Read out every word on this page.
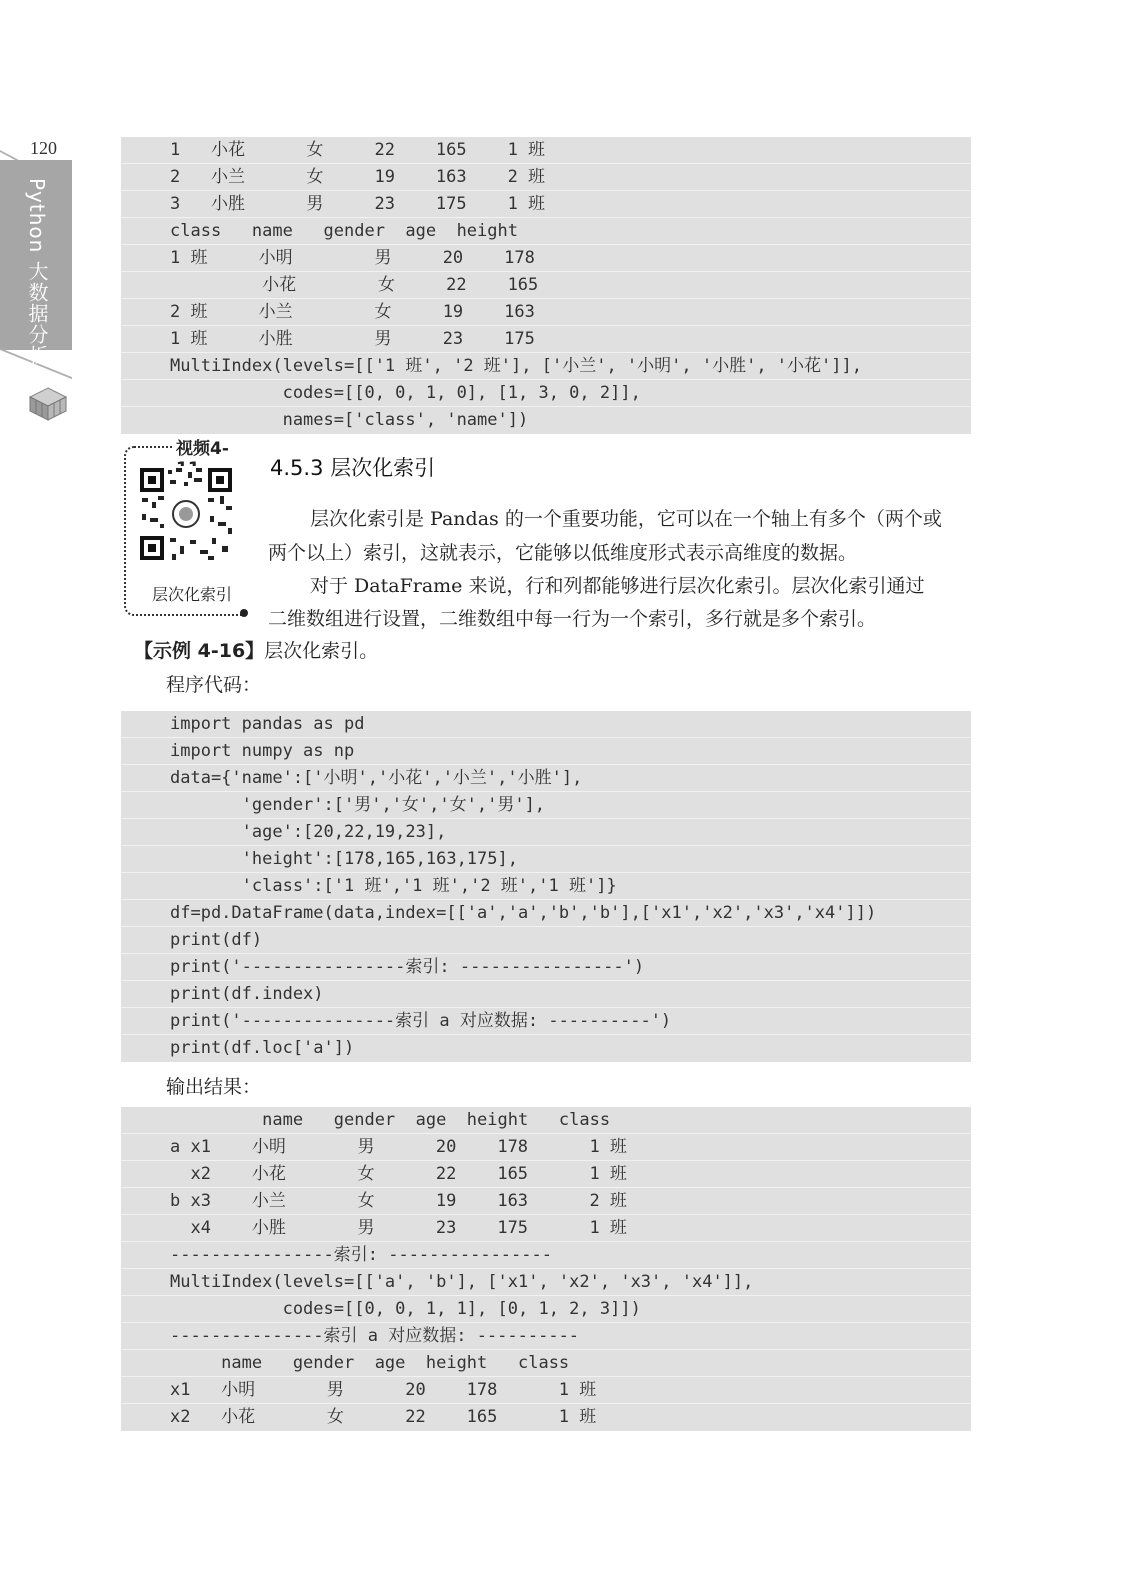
120
Python 大数据分析
1   小花      女     22    165    1 班
2   小兰      女     19    163    2 班
3   小胜      男     23    175    1 班
class   name   gender  age  height
1 班     小明        男     20    178
小花        女     22    165
2 班     小兰        女     19    163
1 班     小胜        男     23    175
MultiIndex(levels=[['1 班', '2 班'], ['小兰', '小明', '小胜', '小花']],
codes=[[0, 0, 1, 0], [1, 3, 0, 2]],
names=['class', 'name'])
视频4-
层次化索引
4.5.3 层次化索引
层次化索引是 Pandas 的一个重要功能，它可以在一个轴上有多个（两个或
两个以上）索引，这就表示，它能够以低维度形式表示高维度的数据。
对于 DataFrame 来说，行和列都能够进行层次化索引。层次化索引通过
二维数组进行设置，二维数组中每一行为一个索引，多行就是多个索引。
【示例 4-16】层次化索引。
程序代码：
import pandas as pd
import numpy as np
data={'name':['小明','小花','小兰','小胜'],
'gender':['男','女','女','男'],
'age':[20,22,19,23],
'height':[178,165,163,175],
'class':['1 班','1 班','2 班','1 班']}
df=pd.DataFrame(data,index=[['a','a','b','b'],['x1','x2','x3','x4']])
print(df)
print('----------------索引: ----------------')
print(df.index)
print('---------------索引 a 对应数据: ----------')
print(df.loc['a'])
输出结果：
name   gender  age  height   class
a x1    小明       男      20    178      1 班
x2    小花       女      22    165      1 班
b x3    小兰       女      19    163      2 班
x4    小胜       男      23    175      1 班
----------------索引: ----------------
MultiIndex(levels=[['a', 'b'], ['x1', 'x2', 'x3', 'x4']],
codes=[[0, 0, 1, 1], [0, 1, 2, 3]])
---------------索引 a 对应数据: ----------
name   gender  age  height   class
x1   小明       男      20    178      1 班
x2   小花       女      22    165      1 班
